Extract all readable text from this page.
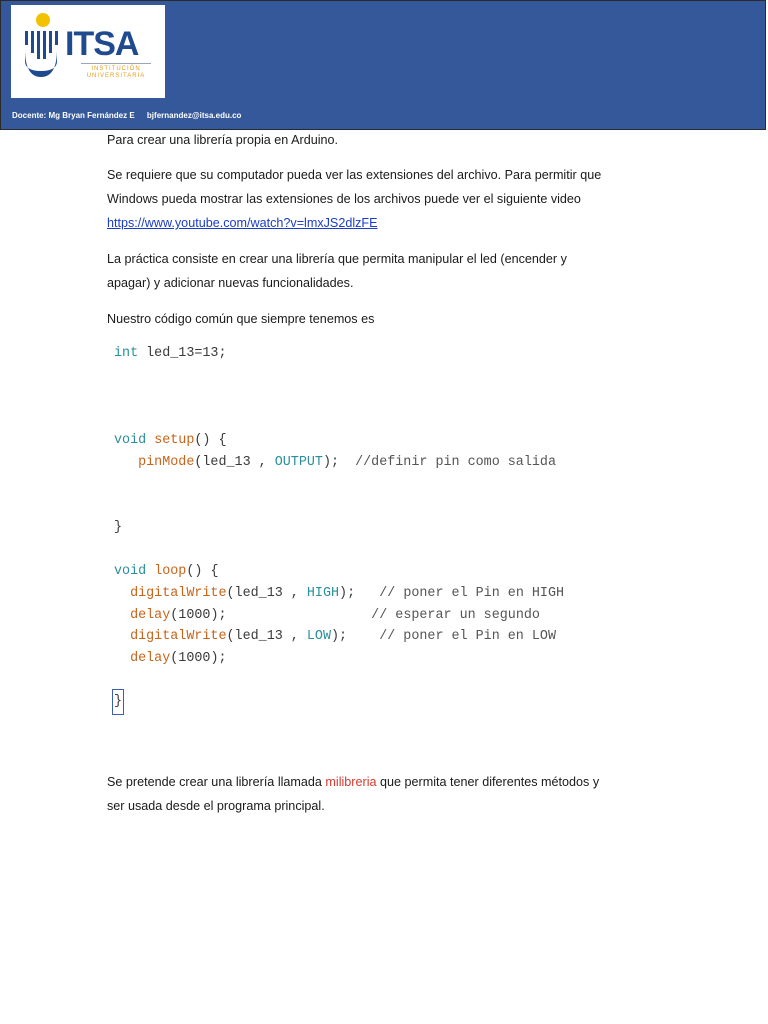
ITSA
INSTITUCIÓN
UNIVERSITARIA
Docente: Mg Bryan Fernández E bjfernandez@itsa.edu.co
Para crear una librería propia en Arduino.
Se requiere que su computador pueda ver las extensiones del archivo. Para permitir que
Windows pueda mostrar las extensiones de los archivos puede ver el siguiente video
https://www.youtube.com/watch?v=lmxJS2dlzFE
La práctica consiste en crear una librería que permita manipular el led (encender y
apagar) y adicionar nuevas funcionalidades.
Nuestro código común que siempre tenemos es
int led_13=13;
void setup() {
pinMode(led_13 , OUTPUT);  //definir pin como salida
}
void loop() {
digitalWrite(led_13 , HIGH);   // poner el Pin en HIGH
delay(1000);                  // esperar un segundo
digitalWrite(led_13 , LOW);    // poner el Pin en LOW
delay(1000);
}
Se pretende crear una librería llamada milibreria que permita tener diferentes métodos y
ser usada desde el programa principal.
